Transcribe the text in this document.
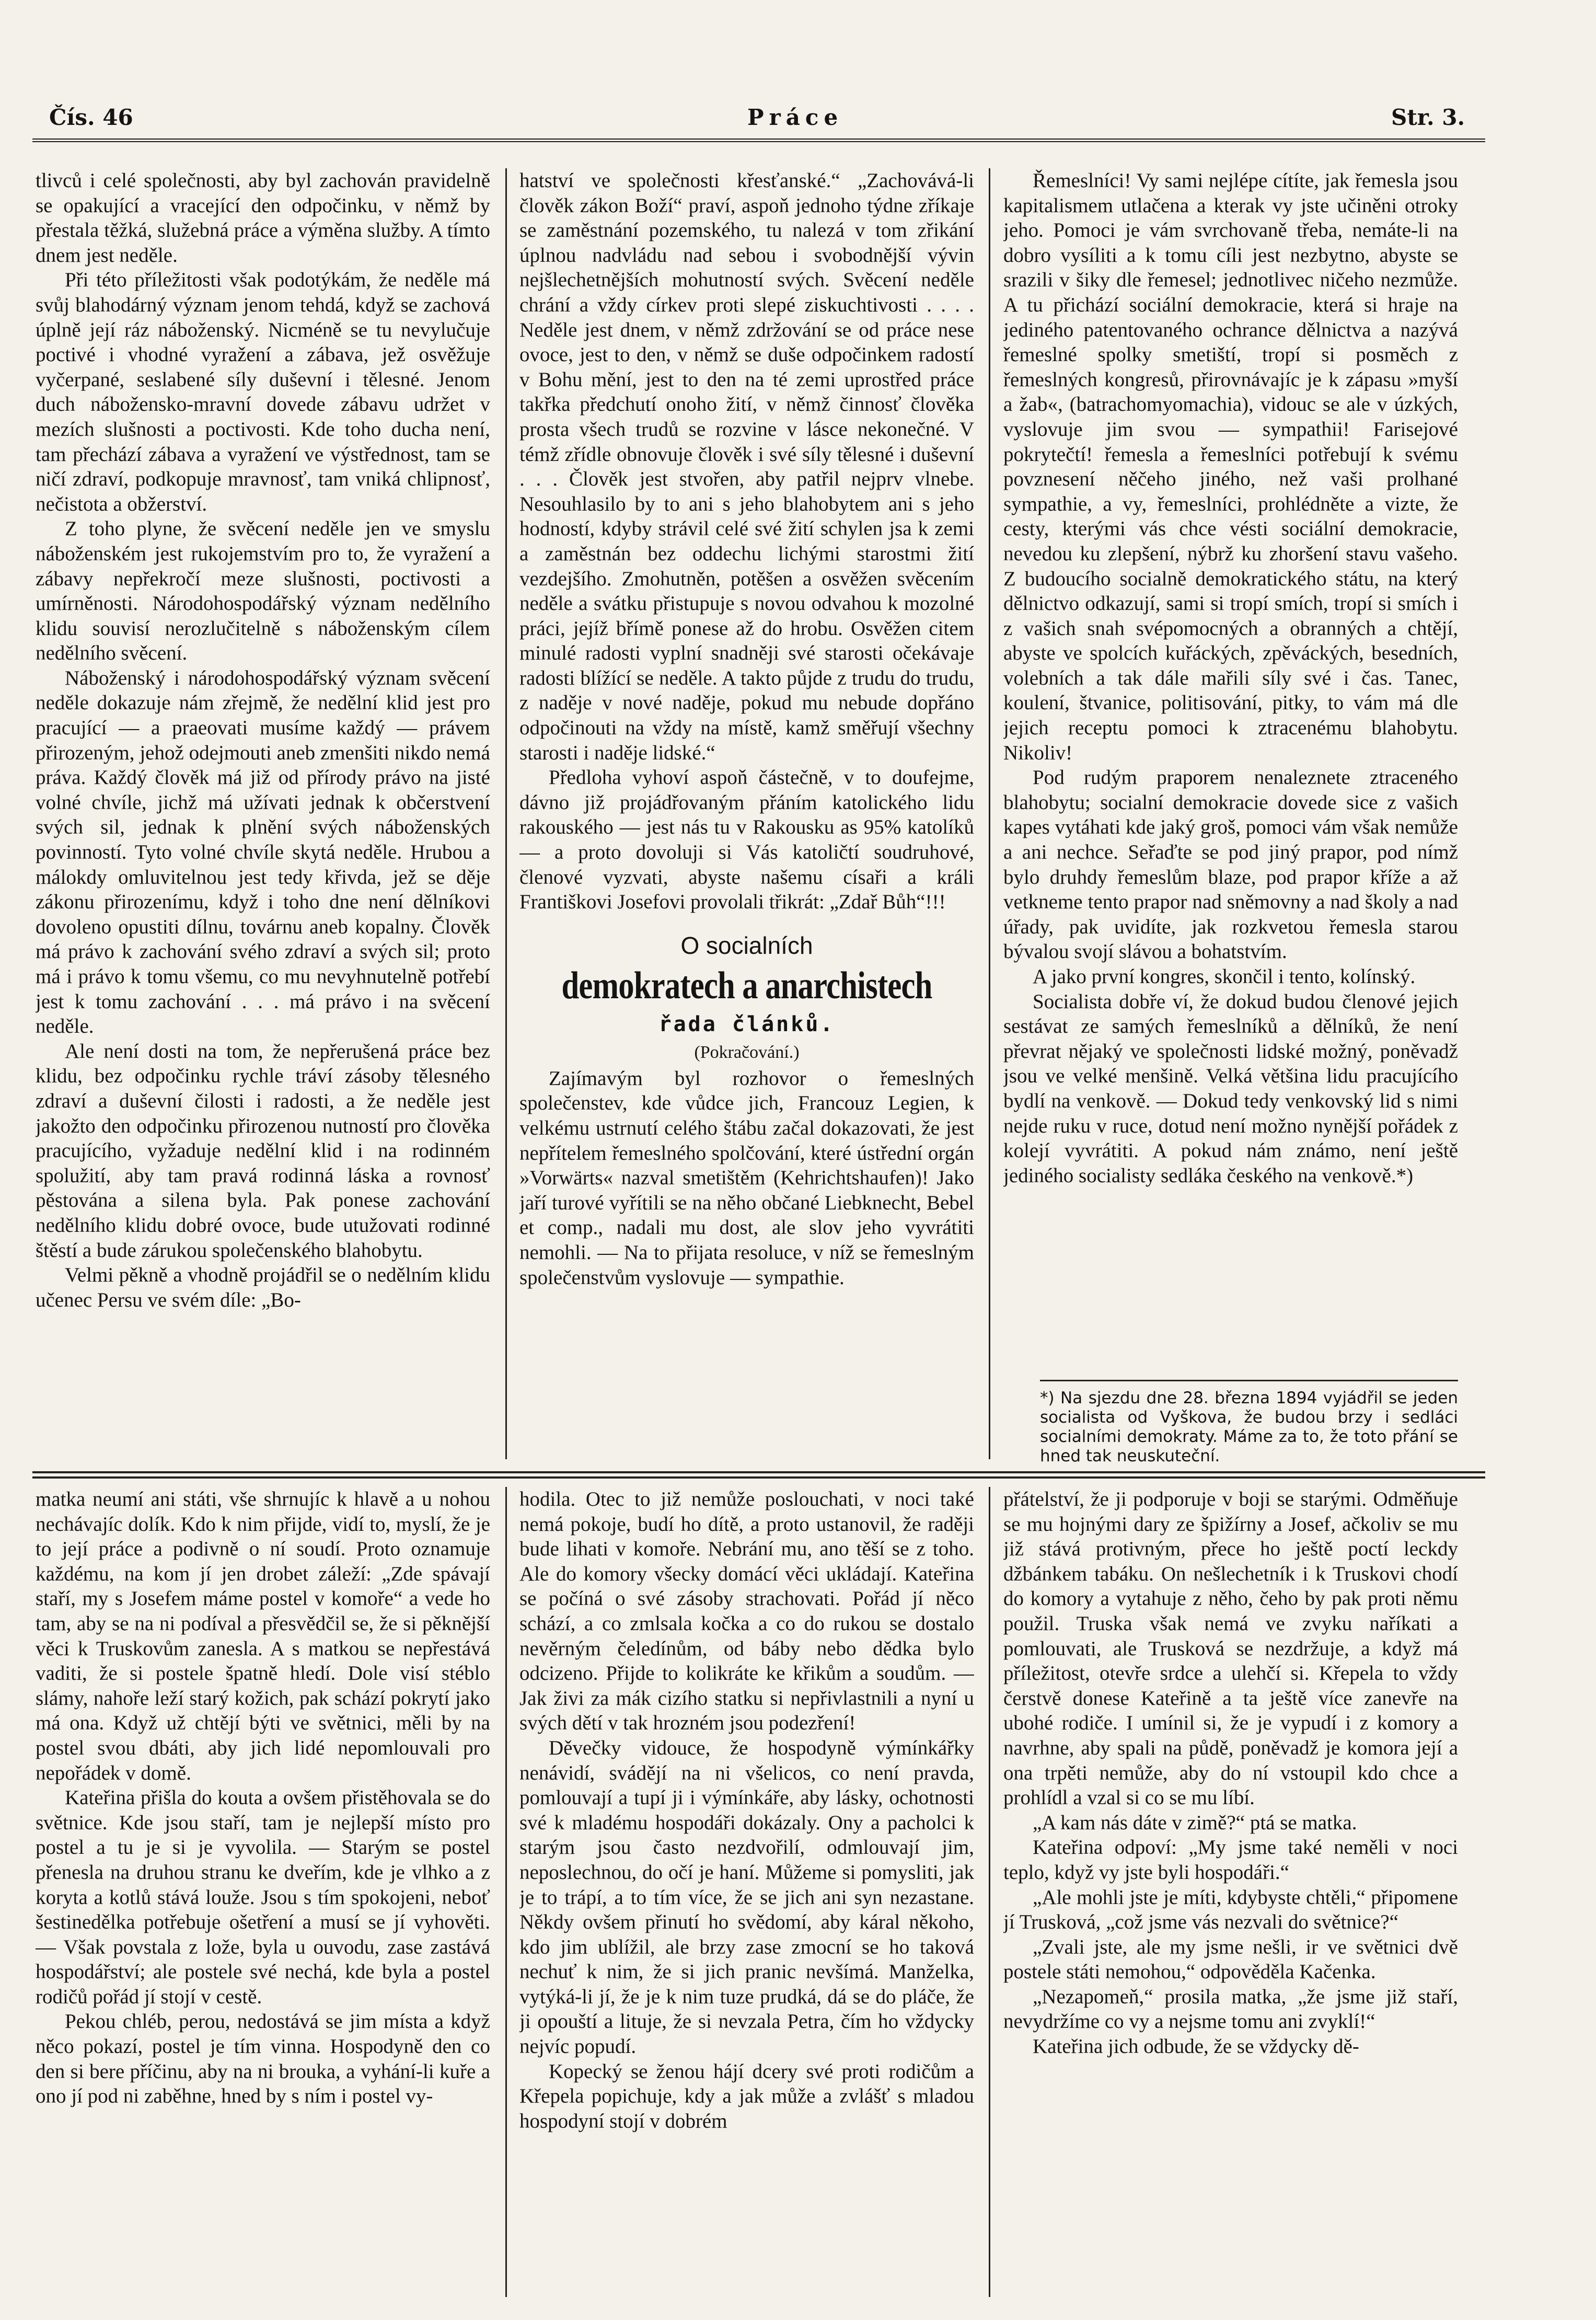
Čís. 46	Práce	Str. 3.

tlivců i celé společnosti, aby byl zachován pravidelně se opakující a vracející den odpočinku, v němž by přestala těžká, služebná práce a výměna služby. A tímto dnem jest neděle.

Při této příležitosti však podotýkám, že neděle má svůj blahodárný význam jenom tehdá, když se zachová úplně její ráz náboženský. Nicméně se tu nevylučuje poctivé i vhodné vyražení a zábava, jež osvěžuje vyčerpané, seslabené síly duševní i tělesné. Jenom duch nábožensko-mravní dovede zábavu udržet v mezích slušnosti a poctivosti. Kde toho ducha není, tam přechází zábava a vyražení ve výstřednost, tam se ničí zdraví, podkopuje mravnosť, tam vniká chlipnosť, nečistota a obžerství.

Z toho plyne, že svěcení neděle jen ve smyslu náboženském jest rukojemstvím pro to, že vyražení a zábavy nepřekročí meze slušnosti, poctivosti a umírněnosti. Národohospodářský význam nedělního klidu souvisí nerozlučitelně s náboženským cílem nedělního svěcení.

Náboženský i národohospodářský význam svěcení neděle dokazuje nám zřejmě, že nedělní klid jest pro pracující — a praeovati musíme každý — právem přirozeným, jehož odejmouti aneb zmenšiti nikdo nemá práva. Každý člověk má již od přírody právo na jisté volné chvíle, jichž má užívati jednak k občerstvení svých sil, jednak k plnění svých náboženských povinností. Tyto volné chvíle skytá neděle. Hrubou a málokdy omluvitelnou jest tedy křivda, jež se děje zákonu přirozenímu, když i toho dne není dělníkovi dovoleno opustiti dílnu, továrnu aneb kopalny. Člověk má právo k zachování svého zdraví a svých sil; proto má i právo k tomu všemu, co mu nevyhnutelně potřebí jest k tomu zachování . . . má právo i na svěcení neděle.

Ale není dosti na tom, že nepřerušená práce bez klidu, bez odpočinku rychle tráví zásoby tělesného zdraví a duševní čilosti i radosti, a že neděle jest jakožto den odpočinku přirozenou nutností pro člověka pracujícího, vyžaduje nedělní klid i na rodinném spolužití, aby tam pravá rodinná láska a rovnosť pěstována a silena byla. Pak ponese zachování nedělního klidu dobré ovoce, bude utužovati rodinné štěstí a bude zárukou společenského blahobytu.

Velmi pěkně a vhodně projádřil se o nedělním klidu učenec Persu ve svém díle: „Bo-

hatství ve společnosti křesťanské.“ „Zachovává-li člověk zákon Boží“ praví, aspoň jednoho týdne zříkaje se zaměstnání pozemského, tu nalezá v tom zřikání úplnou nadvládu nad sebou i svobodnější vývin nejšlechetnějších mohutností svých. Svěcení neděle chrání a vždy církev proti slepé ziskuchtivosti . . . . Neděle jest dnem, v němž zdržování se od práce nese ovoce, jest to den, v němž se duše odpočinkem radostí v Bohu mění, jest to den na té zemi uprostřed práce takřka předchutí onoho žití, v němž činnosť člověka prosta všech trudů se rozvine v lásce nekonečné. V témž zřídle obnovuje člověk i své síly tělesné i duševní . . . Člověk jest stvořen, aby patřil nejprv vlnebe. Nesouhlasilo by to ani s jeho blahobytem ani s jeho hodností, kdyby strávil celé své žití schylen jsa k zemi a zaměstnán bez oddechu lichými starostmi žití vezdejšího. Zmohutněn, potěšen a osvěžen svěcením neděle a svátku přistupuje s novou odvahou k mozolné práci, jejíž břímě ponese až do hrobu. Osvěžen citem minulé radosti vyplní snadněji své starosti očekávaje radosti blížící se neděle. A takto půjde z trudu do trudu, z naděje v nové naděje, pokud mu nebude dopřáno odpočinouti na vždy na místě, kamž směřují všechny starosti i naděje lidské.“

Předloha vyhoví aspoň částečně, v to doufejme, dávno již projádřovaným přáním katolického lidu rakouského — jest nás tu v Rakousku as 95% katolíků — a proto dovoluji si Vás katoličtí soudruhové, členové vyzvati, abyste našemu císaři a králi Františkovi Josefovi provolali třikrát: „Zdař Bůh“!!!

O socialních

demokratech a anarchistech

řada článků.

(Pokračování.)

Zajímavým byl rozhovor o řemeslných společenstev, kde vůdce jich, Francouz Legien, k velkému ustrnutí celého štábu začal dokazovati, že jest nepřítelem řemeslného spolčování, které ústřední orgán »Vorwärts« nazval smetištěm (Kehrichtshaufen)! Jako jaří turové vyřítili se na něho občané Liebknecht, Bebel et comp., nadali mu dost, ale slov jeho vyvrátiti nemohli. — Na to přijata resoluce, v níž se řemeslným společenstvům vyslovuje — sympathie.

Řemeslníci! Vy sami nejlépe cítíte, jak řemesla jsou kapitalismem utlačena a kterak vy jste učiněni otroky jeho. Pomoci je vám svrchovaně třeba, nemáte-li na dobro vysíliti a k tomu cíli jest nezbytno, abyste se srazili v šiky dle řemesel; jednotlivec ničeho nezmůže. A tu přichází sociální demokracie, která si hraje na jediného patentovaného ochrance dělnictva a nazývá řemeslné spolky smetiští, tropí si posměch z řemeslných kongresů, přirovnávajíc je k zápasu »myší a žab«, (batrachomyomachia), vidouc se ale v úzkých, vyslovuje jim svou — sympathii! Farisejové pokrytečtí! řemesla a řemeslníci potřebují k svému povznesení něčeho jiného, než vaši prolhané sympathie, a vy, řemeslníci, prohlédněte a vizte, že cesty, kterými vás chce vésti sociální demokracie, nevedou ku zlepšení, nýbrž ku zhoršení stavu vašeho. Z budoucího socialně demokratického státu, na který dělnictvo odkazují, sami si tropí smích, tropí si smích i z vašich snah svépomocných a obranných a chtějí, abyste ve spolcích kuřáckých, zpěváckých, besedních, volebních a tak dále mařili síly své i čas. Tanec, koulení, štvanice, politisování, pitky, to vám má dle jejich receptu pomoci k ztracenému blahobytu. Nikoliv!

Pod rudým praporem nenaleznete ztraceného blahobytu; socialní demokracie dovede sice z vašich kapes vytáhati kde jaký groš, pomoci vám však nemůže a ani nechce. Seřaďte se pod jiný prapor, pod nímž bylo druhdy řemeslům blaze, pod prapor kříže a až vetkneme tento prapor nad sněmovny a nad školy a nad úřady, pak uvidíte, jak rozkvetou řemesla starou bývalou svojí slávou a bohatstvím.

A jako první kongres, skončil i tento, kolínský.

Socialista dobře ví, že dokud budou členové jejich sestávat ze samých řemeslníků a dělníků, že není převrat nějaký ve společnosti lidské možný, poněvadž jsou ve velké menšině. Velká většina lidu pracujícího bydlí na venkově. — Dokud tedy venkovský lid s nimi nejde ruku v ruce, dotud není možno nynější pořádek z kolejí vyvrátiti. A pokud nám známo, není ještě jediného socialisty sedláka českého na venkově.*)

*) Na sjezdu dne 28. března 1894 vyjádřil se jeden socialista od Vyškova, že budou brzy i sedláci socialními demokraty. Máme za to, že toto přání se hned tak neuskuteční.

matka neumí ani státi, vše shrnujíc k hlavě a u nohou nechávajíc dolík. Kdo k nim přijde, vidí to, myslí, že je to její práce a podivně o ní soudí. Proto oznamuje každému, na kom jí jen drobet záleží: „Zde spávají staří, my s Josefem máme postel v komoře“ a vede ho tam, aby se na ni podíval a přesvědčil se, že si pěknější věci k Truskovům zanesla. A s matkou se nepřestává vaditi, že si postele špatně hledí. Dole visí stéblo slámy, nahoře leží starý kožich, pak schází pokrytí jako má ona. Když už chtějí býti ve světnici, měli by na postel svou dbáti, aby jich lidé nepomlouvali pro nepořádek v domě.

Kateřina přišla do kouta a ovšem přistěhovala se do světnice. Kde jsou staří, tam je nejlepší místo pro postel a tu je si je vyvolila. — Starým se postel přenesla na druhou stranu ke dveřím, kde je vlhko a z koryta a kotlů stává louže. Jsou s tím spokojeni, neboť šestinedělka potřebuje ošetření a musí se jí vyhověti. — Však povstala z lože, byla u ouvodu, zase zastává hospodářství; ale postele své nechá, kde byla a postel rodičů pořád jí stojí v cestě.

Pekou chléb, perou, nedostává se jim místa a když něco pokazí, postel je tím vinna. Hospodyně den co den si bere příčinu, aby na ni brouka, a vyhání-li kuře a ono jí pod ni zaběhne, hned by s ním i postel vy-

hodila. Otec to již nemůže poslouchati, v noci také nemá pokoje, budí ho dítě, a proto ustanovil, že raději bude lihati v komoře. Nebrání mu, ano těší se z toho. Ale do komory všecky domácí věci ukládají. Kateřina se počíná o své zásoby strachovati. Pořád jí něco schází, a co zmlsala kočka a co do rukou se dostalo nevěrným čeledínům, od báby nebo dědka bylo odcizeno. Přijde to kolikráte ke křikům a soudům. — Jak živi za mák cizího statku si nepřivlastnili a nyní u svých dětí v tak hrozném jsou podezření!

Děvečky vidouce, že hospodyně výmínkářky nenávidí, svádějí na ni všelicos, co není pravda, pomlouvají a tupí ji i výmínkáře, aby lásky, ochotnosti své k mladému hospodáři dokázaly. Ony a pacholci k starým jsou často nezdvořilí, odmlouvají jim, neposlechnou, do očí je haní. Můžeme si pomysliti, jak je to trápí, a to tím více, že se jich ani syn nezastane. Někdy ovšem přinutí ho svědomí, aby káral někoho, kdo jim ublížil, ale brzy zase zmocní se ho taková nechuť k nim, že si jich pranic nevšímá. Manželka, vytýká-li jí, že je k nim tuze prudká, dá se do pláče, že ji opouští a lituje, že si nevzala Petra, čím ho vždycky nejvíc popudí.

Kopecký se ženou hájí dcery své proti rodičům a Křepela popichuje, kdy a jak může a zvlášť s mladou hospodyní stojí v dobrém

přátelství, že ji podporuje v boji se starými. Odměňuje se mu hojnými dary ze špižírny a Josef, ačkoliv se mu již stává protivným, přece ho ještě poctí leckdy džbánkem tabáku. On nešlechetník i k Truskovi chodí do komory a vytahuje z něho, čeho by pak proti němu použil. Truska však nemá ve zvyku naříkati a pomlouvati, ale Trusková se nezdržuje, a když má příležitost, otevře srdce a ulehčí si. Křepela to vždy čerstvě donese Kateřině a ta ještě více zanevře na ubohé rodiče. I umínil si, že je vypudí i z komory a navrhne, aby spali na půdě, poněvadž je komora její a ona trpěti nemůže, aby do ní vstoupil kdo chce a prohlídl a vzal si co se mu líbí.

„A kam nás dáte v zimě?“ ptá se matka.

Kateřina odpoví: „My jsme také neměli v noci teplo, když vy jste byli hospodáři.“

„Ale mohli jste je míti, kdybyste chtěli,“ připomene jí Trusková, „což jsme vás nezvali do světnice?“

„Zvali jste, ale my jsme nešli, ir ve světnici dvě postele státi nemohou,“ odpověděla Kačenka.

„Nezapomeň,“ prosila matka, „že jsme již staří, nevydržíme co vy a nejsme tomu ani zvyklí!“

Kateřina jich odbude, že se vždycky dě-
